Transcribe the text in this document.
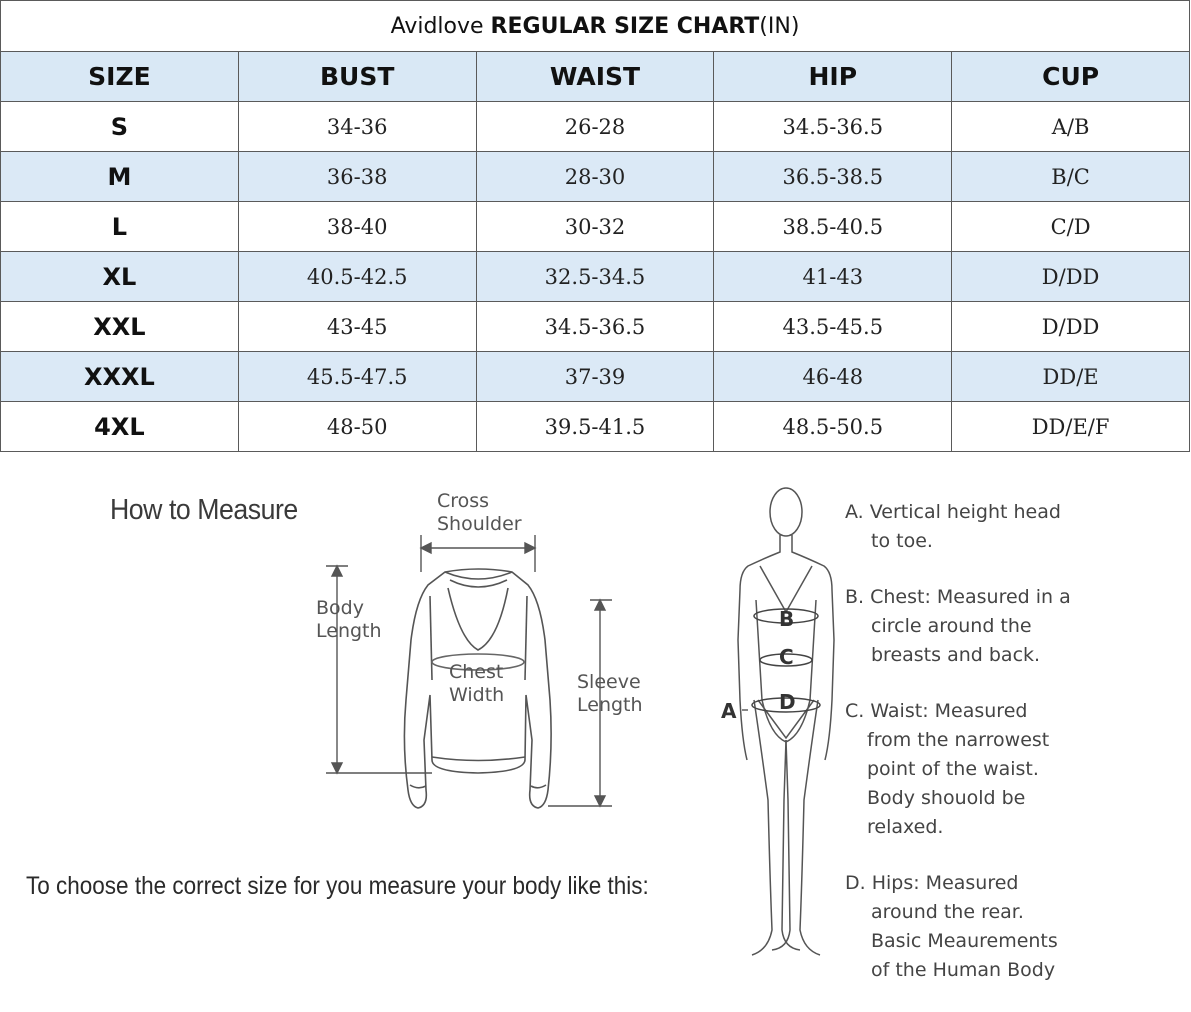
Avidlove REGULAR SIZE CHART(IN)				
SIZE	BUST	WAIST	HIP	CUP
S	34-36	26-28	34.5-36.5	A/B
M	36-38	28-30	36.5-38.5	B/C
L	38-40	30-32	38.5-40.5	C/D
XL	40.5-42.5	32.5-34.5	41-43	D/DD
XXL	43-45	34.5-36.5	43.5-45.5	D/DD
XXXL	45.5-47.5	37-39	46-48	DD/E
4XL	48-50	39.5-41.5	48.5-50.5	DD/E/F
How to Measure	Cross
Shoulder
Body
Length
Chest
Width
Sleeve
Length
To choose the correct size for you measure your body like this:
A
B
C
D
A. Vertical height head
to toe.
B. Chest: Measured in a
circle around the
breasts and back.
C. Waist: Measured
from the narrowest
point of the waist.
Body shouold be
relaxed.
D. Hips: Measured
around the rear.
Basic Meaurements
of the Human Body
